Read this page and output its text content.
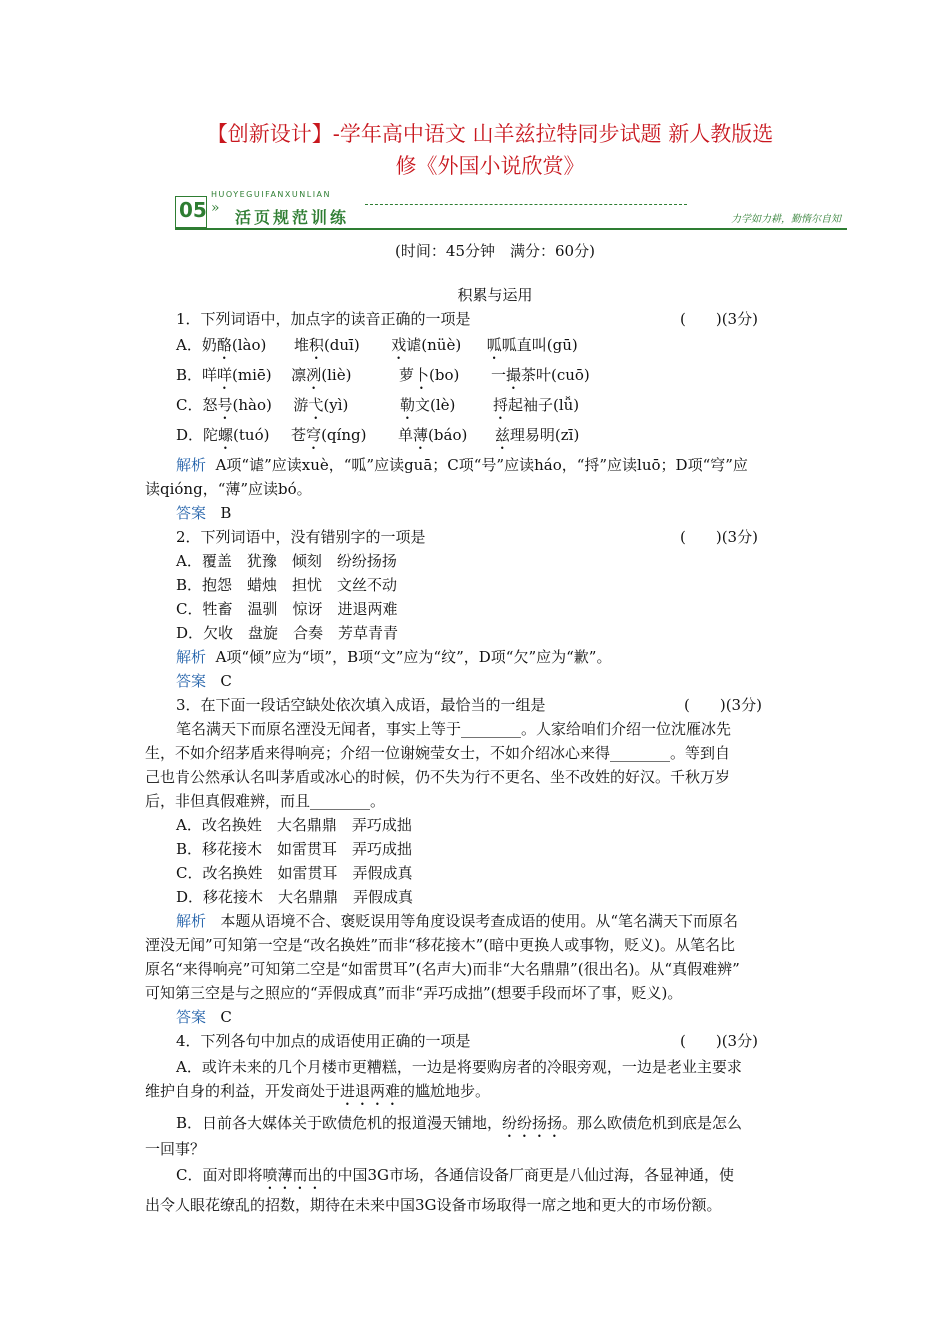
【创新设计】-学年高中语文 山羊兹拉特同步试题 新人教版选
修《外国小说欣赏》
05
HUOYEGUIFANXUNLIAN
» 活页规范训练	力学如力耕，勤惰尔自知
(时间：45分钟　满分：60分)
积累与运用
1．下列词语中，加点字的读音正确的一项是	(　　)(3分)
A．奶酪(lào) 堆积(duī) 戏谑(nüè) 呱呱直叫(gū)
B．咩咩(miē) 凛冽(liè)	萝卜(bo) 一撮茶叶(cuō)
C．怒号(hào) 游弋(yì)	勒文(lè)	捋起袖子(lǚ)
D．陀螺(tuó) 苍穹(qíng) 单薄(báo) 兹理易明(zī)
解析 A项“谑”应读xuè，“呱”应读guā；C项“号”应读háo，“捋”应读luō；D项“穹”应
读qióng，“薄”应读bó。
答案 B
2．下列词语中，没有错别字的一项是	(　　)(3分)
A．覆盖　犹豫　倾刻　纷纷扬扬
B．抱怨　蜡烛　担忧　文丝不动
C．牲畜　温驯　惊讶　进退两难
D．欠收　盘旋　合奏　芳草青青
解析 A项“倾”应为“顷”，B项“文”应为“纹”，D项“欠”应为“歉”。
答案 C
3．在下面一段话空缺处依次填入成语，最恰当的一组是	(　　)(3分)
笔名满天下而原名湮没无闻者，事实上等于________。人家给咱们介绍一位沈雁冰先
生，不如介绍茅盾来得响亮；介绍一位谢婉莹女士，不如介绍冰心来得________。等到自
己也肯公然承认名叫茅盾或冰心的时候，仍不失为行不更名、坐不改姓的好汉。千秋万岁
后，非但真假难辨，而且________。
A．改名换姓　大名鼎鼎　弄巧成拙
B．移花接木　如雷贯耳　弄巧成拙
C．改名换姓　如雷贯耳　弄假成真
D．移花接木　大名鼎鼎　弄假成真
解析 本题从语境不合、褒贬误用等角度设误考查成语的使用。从“笔名满天下而原名
湮没无闻”可知第一空是“改名换姓”而非“移花接木”(暗中更换人或事物，贬义)。从笔名比
原名“来得响亮”可知第二空是“如雷贯耳”(名声大)而非“大名鼎鼎”(很出名)。从“真假难辨”
可知第三空是与之照应的“弄假成真”而非“弄巧成拙”(想要手段而坏了事，贬义)。
答案 C
4．下列各句中加点的成语使用正确的一项是	(　　)(3分)
A．或许未来的几个月楼市更糟糕，一边是将要购房者的冷眼旁观，一边是老业主要求
维护自身的利益，开发商处于进退两难的尴尬地步。
B．日前各大媒体关于欧债危机的报道漫天铺地，纷纷扬扬。那么欧债危机到底是怎么
一回事？
C．面对即将喷薄而出的中国3G市场，各通信设备厂商更是八仙过海，各显神通，使
出令人眼花缭乱的招数，期待在未来中国3G设备市场取得一席之地和更大的市场份额。
